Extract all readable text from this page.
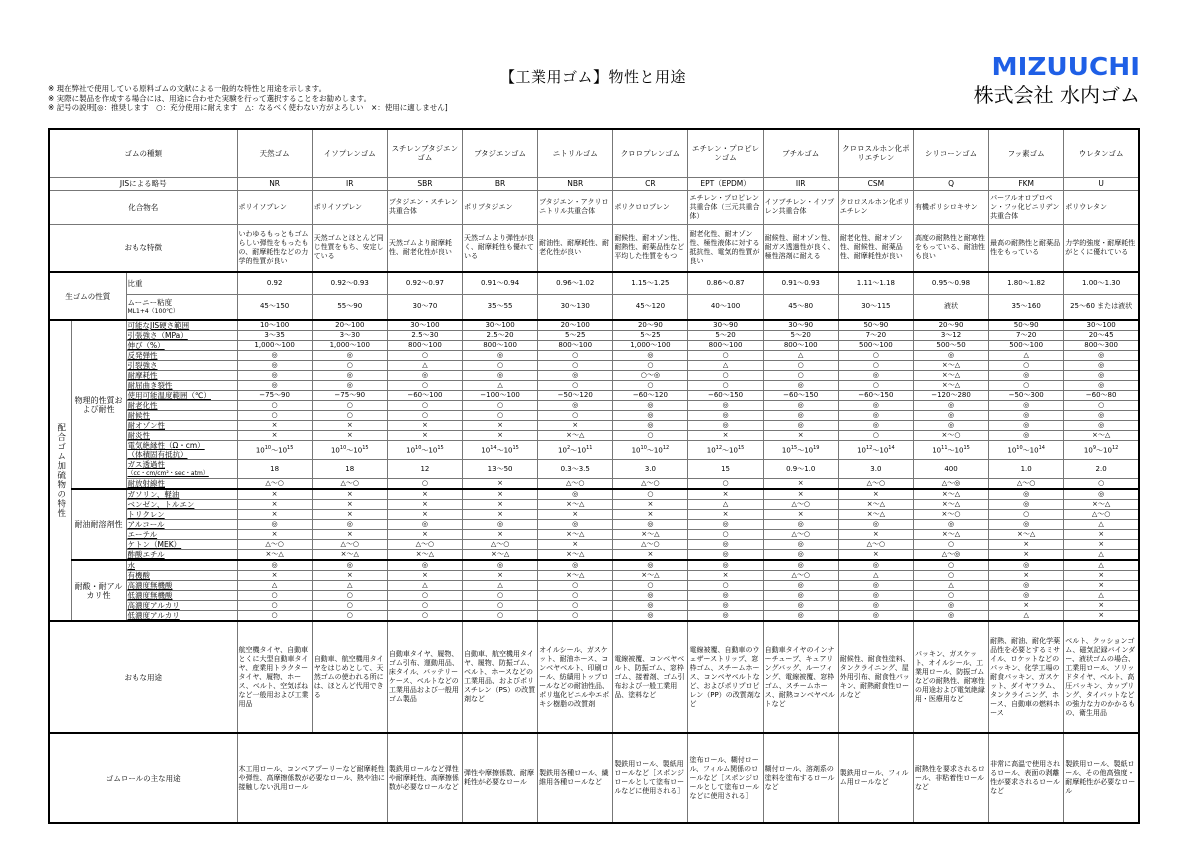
【工業用ゴム】物性と用途
※ 現在弊社で使用している原料ゴムの文献による一般的な特性と用途を示します。
※ 実際に製品を作成する場合には、用途に合わせた実験を行って選択することをお勧めします。
※ 記号の説明[◎：推奨します　○：充分使用に耐えます　△：なるべく使わない方がよろしい　×：使用に適しません]
MIZUUCHI
株式会社 水内ゴム
ゴムの種類			天然ゴム	イソプレンゴム	スチレンブタジエンゴム	ブタジエンゴム	ニトリルゴム	クロロプレンゴム	エチレン・プロピレンゴム	ブチルゴム	クロロスルホン化ポリエチレン	シリコーンゴム	フッ素ゴム	ウレタンゴム
JISによる略号			NR	IR	SBR	BR	NBR	CR	EPT（EPDM）	IIR	CSM	Q	FKM	U
化合物名			ポリイソプレン	ポリイソプレン	ブタジエン・スチレン共重合体	ポリブタジエン	ブタジエン・アクリロニトリル共重合体	ポリクロロプレン	エチレン・プロピレン共重合体（三元共重合体）	イソブチレン・イソプレン共重合体	クロロスルホン化ポリエチレン	有機ポリシロキサン	パーフルオロプロペン・フッ化ビニリデン共重合体	ポリウレタン
おもな特徴			いわゆるもっともゴムらしい弾性をもったもの、耐摩耗性などの力学的性質が良い	天然ゴムとほとんど同じ性質をもち、安定している	天然ゴムより耐摩耗性、耐老化性が良い	天然ゴムより弾性が良く、耐摩耗性も優れている	耐油性、耐摩耗性、耐老化性が良い	耐候性、耐オゾン性、耐熱性、耐薬品性など平均した性質をもつ	耐老化性、耐オゾン性、極性液体に対する抵抗性、電気的性質が良い	耐候性、耐オゾン性、耐ガス透過性が良く、極性溶剤に耐える	耐老化性、耐オゾン性、耐候性、耐薬品性、耐摩耗性が良い	高度の耐熱性と耐寒性をもっている、耐油性も良い	最高の耐熱性と耐薬品性をもっている	力学的強度・耐摩耗性がとくに優れている
生ゴムの性質		比重	0.92	0.92〜0.93	0.92〜0.97	0.91〜0.94	0.96〜1.02	1.15〜1.25	0.86〜0.87	0.91〜0.93	1.11〜1.18	0.95〜0.98	1.80〜1.82	1.00〜1.30

		ムーニー粘度
ML1+4（100℃）	45〜150	55〜90	30〜70	35〜55	30〜130	45〜120	40〜100	45〜80	30〜115	液状	35〜160	25〜60 または液状

配合ゴム加硫物の特性	物理的性質および耐性	可能なJIS硬さ範囲	10〜100	20〜100	30〜100	30〜100	20〜100	20〜90	30〜90	30〜90	50〜90	20〜90	50〜90	30〜100

		引張強さ（MPa）	3〜35	3〜30	2.5〜30	2.5〜20	5〜25	5〜25	5〜20	5〜20	7〜20	3〜12	7〜20	20〜45

		伸び（%）	1,000〜100	1,000〜100	800〜100	800〜100	800〜100	1,000〜100	800〜100	800〜100	500〜100	500〜50	500〜100	800〜300

		反発弾性	◎	◎	○	◎	○	◎	○	△	○	◎	△	◎

		引裂強さ	◎	○	△	○	○	○	△	○	○	×〜△	○	◎

		耐摩耗性	◎	◎	◎	◎	◎	○〜◎	○	○	◎	×〜△	◎	◎

		耐屈曲き裂性	◎	◎	○	△	○	○	○	◎	○	×〜△	○	◎

		使用可能温度範囲（℃）	−75〜90	−75〜90	−60〜100	−100〜100	−50〜120	−60〜120	−60〜150	−60〜150	−60〜150	−120〜280	−50〜300	−60〜80

		耐老化性	○	○	○	○	◎	◎	◎	◎	◎	◎	◎	○

		耐候性	○	○	○	○	○	◎	◎	◎	◎	◎	◎	◎

		耐オゾン性	×	×	×	×	×	◎	◎	◎	◎	◎	◎	◎

		耐炎性	×	×	×	×	×〜△	○	×	×	○	×〜○	◎	×〜△

		電気絶縁性（Ω・cm）
（体積固有抵抗）	$10^{10}$〜$10^{15}$	$10^{10}$〜$10^{15}$	$10^{10}$〜$10^{15}$	$10^{14}$〜$10^{15}$	$10^2$〜$10^{11}$	$10^{10}$〜$10^{12}$	$10^{12}$〜$10^{15}$	$10^{15}$〜$10^{19}$	$10^{12}$〜$10^{14}$	$10^{11}$〜$10^{15}$	$10^{10}$〜$10^{14}$	$10^9$〜$10^{12}$

		ガス透過性
（cc・cm/cm²・sec・atm）	18	18	12	13〜50	0.3〜3.5	3.0	15	0.9〜1.0	3.0	400	1.0	2.0

		耐放射線性	△〜○	△〜○	○	×	△〜○	△〜○	○	×	△〜○	△〜◎	△〜○	○
	耐油耐溶剤性	ガソリン、軽油	×	×	×	×	◎	○	×	×	×	×〜△	◎	◎

		ベンゼン、トルエン	×	×	×	×	×〜△	×	△	△〜○	×〜△	×〜△	◎	×〜△

		トリクレン	×	×	×	×	×	×	×	×	×〜△	×〜○	○	△〜○

		アルコール	◎	◎	◎	◎	◎	◎	◎	◎	◎	◎	◎	△

		エーテル	×	×	×	×	×〜△	×〜△	○	△〜○	×	×〜△	×〜△	×

		ケトン（MEK）	△〜○	△〜○	△〜○	△〜○	×	△〜○	◎	◎	△〜○	○	×	×

		酢酸エチル	×〜△	×〜△	×〜△	×〜△	×〜△	×	◎	◎	×	△〜◎	×	△
	耐酸・耐アルカリ性	水	◎	◎	◎	◎	◎	◎	◎	◎	◎	○	◎	△

		有機酸	×	×	×	×	×〜△	×〜△	×	△〜○	△	○	×	×

		高濃度無機酸	△	△	△	△	○	○	○	◎	◎	△	◎	×

		低濃度無機酸	○	○	○	○	○	◎	◎	◎	◎	○	◎	△

		高濃度アルカリ	○	○	○	○	○	◎	◎	◎	◎	◎	×	×

		低濃度アルカリ	○	○	○	○	○	◎	◎	◎	◎	◎	△	×
おもな用途			航空機タイヤ、自動車とくに大型自動車タイヤ、産業用トラクタータイヤ、履物、ホース、ベルト、空気ばねなど一般用および工業用品	自動車、航空機用タイヤをはじめとして、天然ゴムの使われる所には、ほとんど代用できる	自動車タイヤ、履物、ゴム引布、運動用品、床タイル、バッテリーケース、ベルトなどの工業用品および一般用ゴム製品	自動車、航空機用タイヤ、履物、防振ゴム、ベルト、ホースなどの工業用品、およびポリスチレン（PS）の改質剤など	オイルシール、ガスケット、耐油ホース、コンベヤベルト、印刷ロール、紡績用トップロールなどの耐油性品、ポリ塩化ビニルやエポキシ樹脂の改質剤	電線被覆、コンベヤベルト、防振ゴム、窓枠ゴム、接着剤、ゴム引布および一般工業用品、塗料など	電線被覆、自動車のウェザーストリップ、窓枠ゴム、スチームホース、コンベヤベルトなど、およびポリプロピレン（PP）の改質剤など	自動車タイヤのインナーチューブ、キュアリングバッグ、ルーフィング、電線被覆、窓枠ゴム、スチームホース、耐熱コンベヤベルトなど	耐候性、耐食性塗料、タンクライニング、屋外用引布、耐食性パッキン、耐熱耐食性ロールなど	パッキン、ガスケット、オイルシール、工業用ロール、防振ゴムなどの耐熱性、耐寒性の用途および電気絶縁用・医療用など	耐熱、耐油、耐化学薬品性を必要とするミサイル、ロケットなどのパッキン、化学工場の耐食パッキン、ガスケット、ダイヤフラム、タンクライニング、ホース、自動車の燃料ホース	ベルト、クッションゴム、磁気記録バインダー、液状ゴムの場合、工業用ロール、ソリッドタイヤ、ベルト、高圧パッキン、カップリング、タイバットなどの強力な力のかかるもの、衛生用品
ゴムロールの主な用途			木工用ロール、コンベアプーリーなど耐摩耗性や弾性、高摩擦係数が必要なロール、熱や油に接触しない汎用ロール		製鉄用ロールなど弾性や耐摩耗性、高摩擦係数が必要なロールなど	弾性や摩擦係数、耐摩耗性が必要なロール	製鉄用各種ロール、繊維用各種ロールなど	製鉄用ロール、製紙用ロールなど［スポンジロールとして塗布ロールなどに使用される］	塗布ロール、糊付ロール、フィルム関係のロールなど［スポンジロールとして塗布ロールなどに使用される］	糊付ロール、溶剤系の塗料を塗布するロールなど	製鉄用ロール、フィルム用ロールなど	耐熱性を要求されるロール、非粘着性ロールなど	非常に高温で使用されるロール、表面の剥離性が要求されるロールなど	製鉄用ロール、製紙ロール、その他高強度・耐摩耗性が必要なロール
